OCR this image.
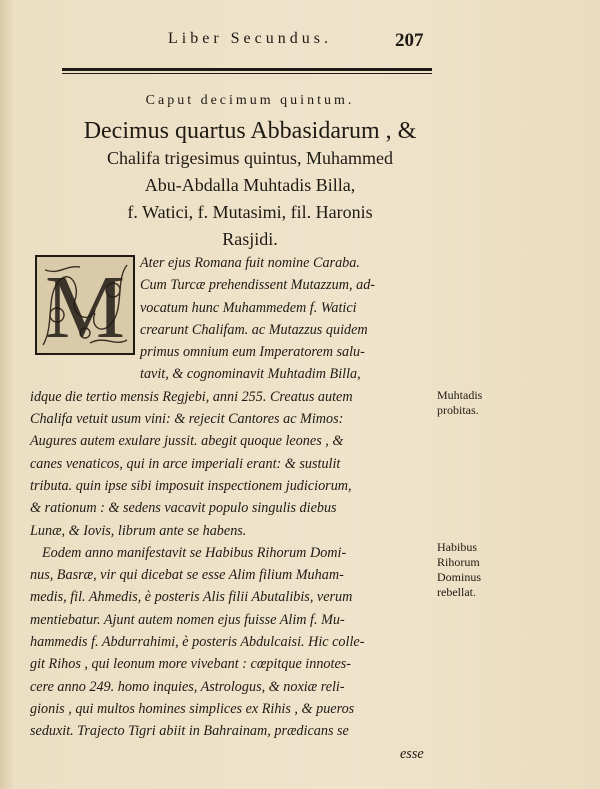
Liber Secundus.	207
Caput decimum quintum.
Decimus quartus Abbasidarum , &
Chalifa trigesimus quintus, Muhammed
Abu-Abdalla Muhtadis Billa,
f. Watici, f. Mutasimi, fil. Haronis
Rasjidi.
M	Ater ejus Romana fuit nomine Caraba.
Cum Turcæ prehendissent Mutazzum, ad-
vocatum hunc Muhammedem f. Watici
crearunt Chalifam. ac Mutazzus quidem
primus omnium eum Imperatorem salu-
tavit, & cognominavit Muhtadim Billa,
idque die tertio mensis Regjebi, anni 255. Creatus autem
Chalifa vetuit usum vini: & rejecit Cantores ac Mimos:
Augures autem exulare jussit. abegit quoque leones , &
canes venaticos, qui in arce imperiali erant: & sustulit
tributa. quin ipse sibi imposuit inspectionem judiciorum,
& rationum : & sedens vacavit populo singulis diebus
Lunæ, & Iovis, librum ante se habens.
Eodem anno manifestavit se Habibus Rihorum Domi-
nus, Basræ, vir qui dicebat se esse Alim filium Muham-
medis, fil. Ahmedis, è posteris Alis filii Abutalibis, verum
mentiebatur. Ajunt autem nomen ejus fuisse Alim f. Mu-
hammedis f. Abdurrahimi, è posteris Abdulcaisi. Hic colle-
git Rihos , qui leonum more vivebant : cœpitque innotes-
cere anno 249. homo inquies, Astrologus, & noxiæ reli-
gionis , qui multos homines simplices ex Rihis , & pueros
seduxit. Trajecto Tigri abiit in Bahrainam, prædicans se
esse
Muhtadis
probitas.
Habibus
Rihorum
Dominus
rebellat.
